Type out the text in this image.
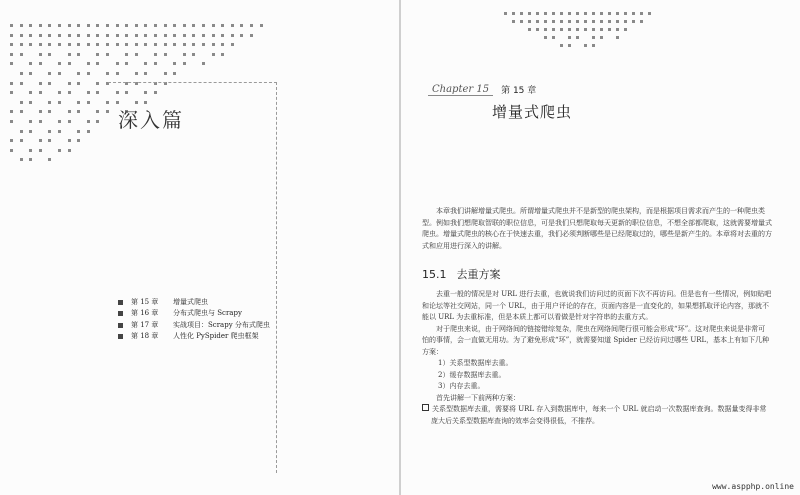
深入篇
第 15 章	增量式爬虫
第 16 章	分布式爬虫与 Scrapy
第 17 章	实战项目：Scrapy 分布式爬虫
第 18 章	人性化 PySpider 爬虫框架
Chapter 15	第 15 章
增量式爬虫
本章我们讲解增量式爬虫。所谓增量式爬虫并不是新型的爬虫架构，而是根据项目需求而产生的一种爬虫类型。例如我们想爬取智联的职位信息，可是我们只想爬取每天更新的职位信息，不想全部都爬取，这就需要增量式爬虫。增量式爬虫的核心在于快速去重，我们必须判断哪些是已经爬取过的，哪些是新产生的。本章将对去重的方式和应用进行深入的讲解。
15.1 去重方案
去重一般的情况是对 URL 进行去重，也就说我们访问过的页面下次不再访问。但是也有一些情况，例如贴吧和论坛等社交网站，同一个 URL，由于用户评论的存在，页面内容是一直变化的，如果想抓取评论内容，那就不能以 URL 为去重标准，但是本质上都可以看做是针对字符串的去重方式。
对于爬虫来说，由于网络间的链接错综复杂，爬虫在网络间爬行很可能会形成“环”。这对爬虫来说是非常可怕的事情，会一直做无用功。为了避免形成“环”，就需要知道 Spider 已经访问过哪些 URL，基本上有如下几种方案：
1）关系型数据库去重。
2）缓存数据库去重。
3）内存去重。
首先讲解一下前两种方案：
关系型数据库去重，需要将 URL 存入到数据库中，每来一个 URL 就启动一次数据库查询。数据量变得非常庞大后关系型数据库查询的效率会变得很低，不推荐。
www.aspphp.online
